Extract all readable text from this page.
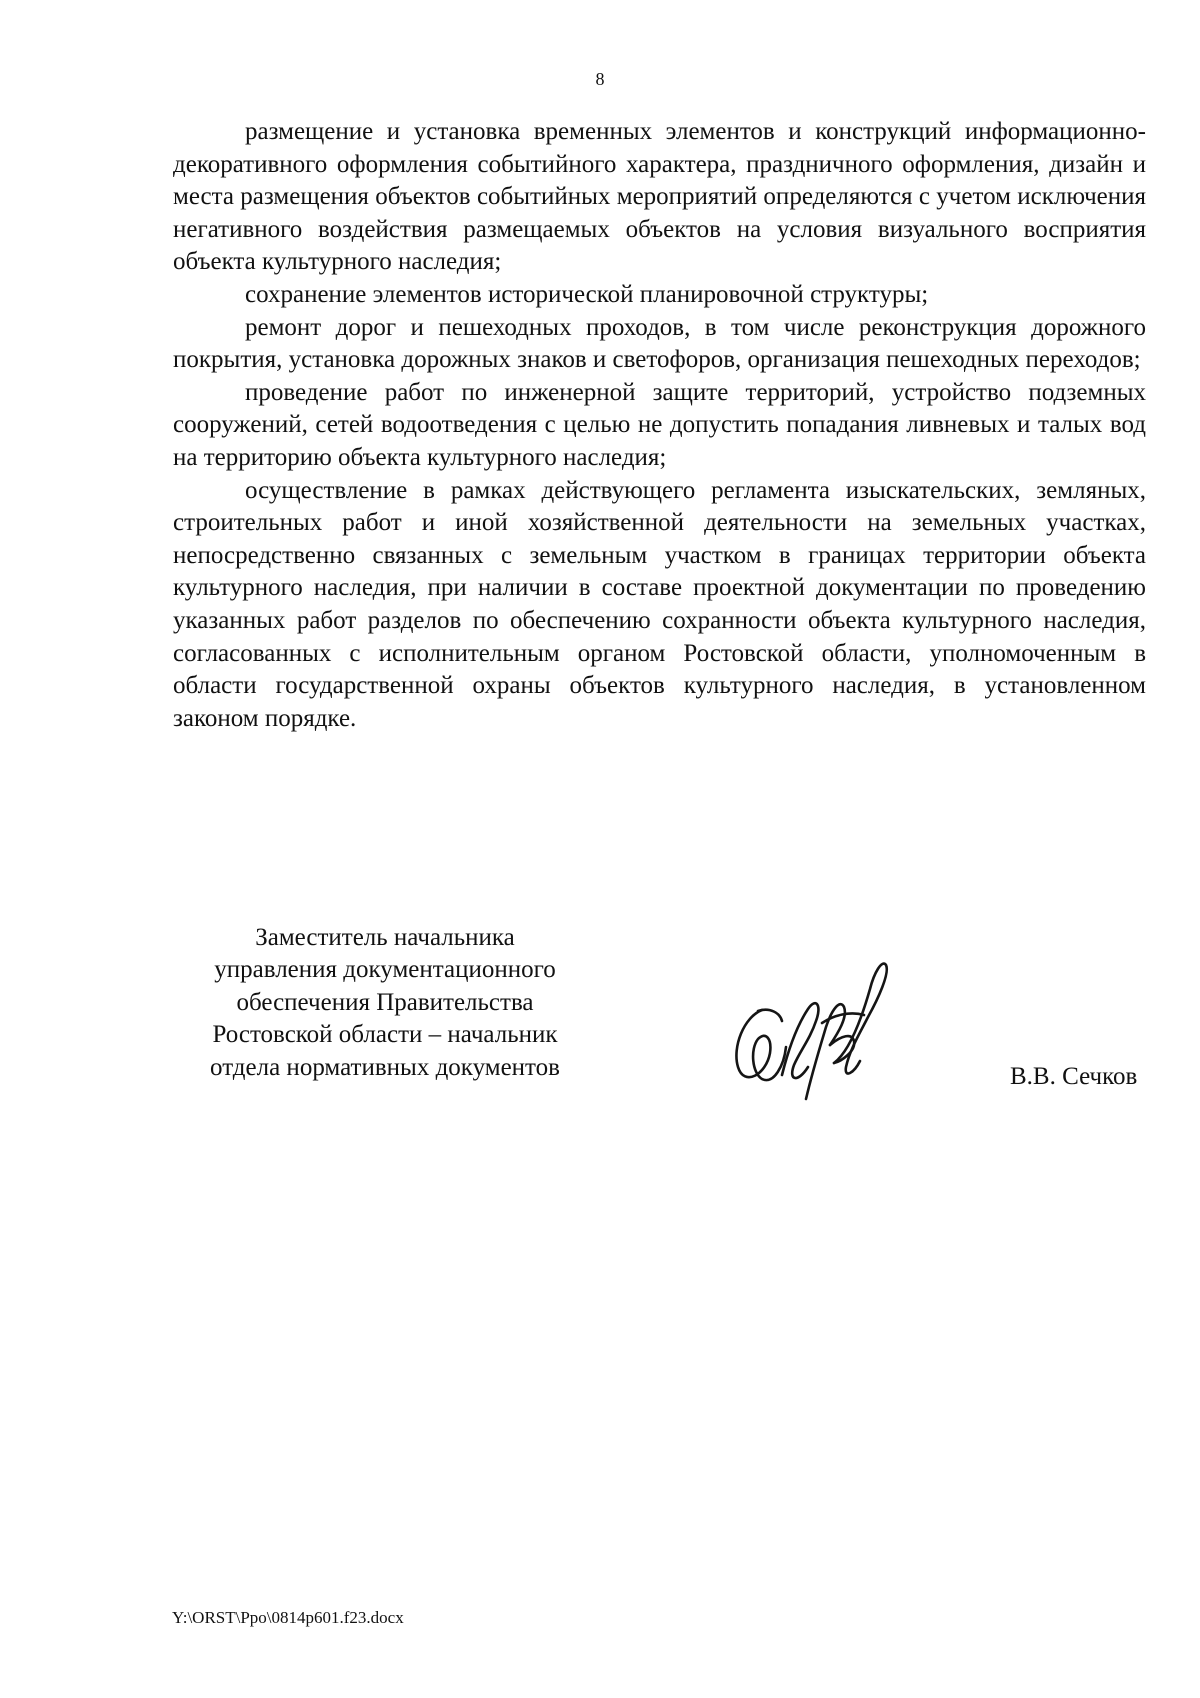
8

размещение и установка временных элементов и конструкций информационно-декоративного оформления событийного характера, праздничного оформления, дизайн и места размещения объектов событийных мероприятий определяются с учетом исключения негативного воздействия размещаемых объектов на условия визуального восприятия объекта культурного наследия;

сохранение элементов исторической планировочной структуры;

ремонт дорог и пешеходных проходов, в том числе реконструкция дорожного покрытия, установка дорожных знаков и светофоров, организация пешеходных переходов;

проведение работ по инженерной защите территорий, устройство подземных сооружений, сетей водоотведения с целью не допустить попадания ливневых и талых вод на территорию объекта культурного наследия;

осуществление в рамках действующего регламента изыскательских, земляных, строительных работ и иной хозяйственной деятельности на земельных участках, непосредственно связанных с земельным участком в границах территории объекта культурного наследия, при наличии в составе проектной документации по проведению указанных работ разделов по обеспечению сохранности объекта культурного наследия, согласованных с исполнительным органом Ростовской области, уполномоченным в области государственной охраны объектов культурного наследия, в установленном законом порядке.

Заместитель начальника
управления документационного
обеспечения Правительства
Ростовской области – начальник
отдела нормативных документов	В.В. Сечков
Y:\ORST\Ppo\0814p601.f23.docx
